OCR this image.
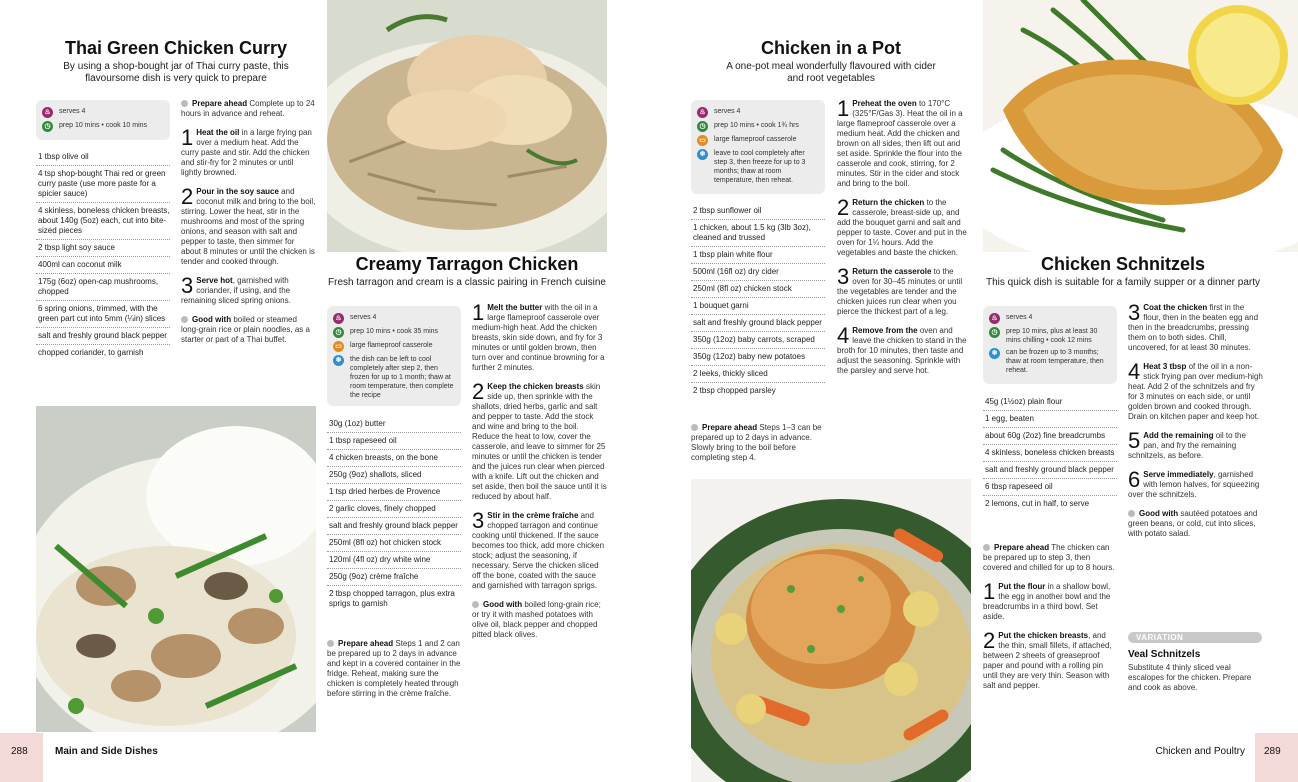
Thai Green Chicken Curry
By using a shop-bought jar of Thai curry paste, this flavoursome dish is very quick to prepare
♨	serves 4
◷	prep 10 mins • cook 10 mins
1 tbsp olive oil
4 tsp shop-bought Thai red or green curry paste (use more paste for a spicier sauce)
4 skinless, boneless chicken breasts, about 140g (5oz) each, cut into bite-sized pieces
2 tbsp light soy sauce
400ml can coconut milk
175g (6oz) open-cap mushrooms, chopped
6 spring onions, trimmed, with the green part cut into 5mm (¼in) slices
salt and freshly ground black pepper
chopped coriander, to garnish

Prepare ahead Complete up to 24 hours in advance and reheat.

1 Heat the oil in a large frying pan over a medium heat. Add the curry paste and stir. Add the chicken and stir-fry for 2 minutes or until lightly browned.

2 Pour in the soy sauce and coconut milk and bring to the boil, stirring. Lower the heat, stir in the mushrooms and most of the spring onions, and season with salt and pepper to taste, then simmer for about 8 minutes or until the chicken is tender and cooked through.

3 Serve hot, garnished with coriander, if using, and the remaining sliced spring onions.

Good with boiled or steamed long-grain rice or plain noodles, as a starter or part of a Thai buffet.

Creamy Tarragon Chicken
Fresh tarragon and cream is a classic pairing in French cuisine
♨	serves 4
◷	prep 10 mins • cook 35 mins
▭	large flameproof casserole
❄	the dish can be left to cool completely after step 2, then frozen for up to 1 month; thaw at room temperature, then complete the recipe
30g (1oz) butter
1 tbsp rapeseed oil
4 chicken breasts, on the bone
250g (9oz) shallots, sliced
1 tsp dried herbes de Provence
2 garlic cloves, finely chopped
salt and freshly ground black pepper
250ml (8fl oz) hot chicken stock
120ml (4fl oz) dry white wine
250g (9oz) crème fraîche
2 tbsp chopped tarragon, plus extra sprigs to garnish

Prepare ahead Steps 1 and 2 can be prepared up to 2 days in advance and kept in a covered container in the fridge. Reheat, making sure the chicken is completely heated through before stirring in the crème fraîche.

1 Melt the butter with the oil in a large flameproof casserole over medium-high heat. Add the chicken breasts, skin side down, and fry for 3 minutes or until golden brown, then turn over and continue browning for a further 2 minutes.

2 Keep the chicken breasts skin side up, then sprinkle with the shallots, dried herbs, garlic and salt and pepper to taste. Add the stock and wine and bring to the boil. Reduce the heat to low, cover the casserole, and leave to simmer for 25 minutes or until the chicken is tender and the juices run clear when pierced with a knife. Lift out the chicken and set aside, then boil the sauce until it is reduced by about half.

3 Stir in the crème fraîche and chopped tarragon and continue cooking until thickened. If the sauce becomes too thick, add more chicken stock; adjust the seasoning, if necessary. Serve the chicken sliced off the bone, coated with the sauce and garnished with tarragon sprigs.

Good with boiled long-grain rice; or try it with mashed potatoes with olive oil, black pepper and chopped pitted black olives.

Chicken in a Pot
A one-pot meal wonderfully flavoured with cider and root vegetables
♨	serves 4
◷	prep 10 mins • cook 1¾ hrs
▭	large flameproof casserole
❄	leave to cool completely after step 3, then freeze for up to 3 months; thaw at room temperature, then reheat.
2 tbsp sunflower oil
1 chicken, about 1.5 kg (3lb 3oz), cleaned and trussed
1 tbsp plain white flour
500ml (16fl oz) dry cider
250ml (8fl oz) chicken stock
1 bouquet garni
salt and freshly ground black pepper
350g (12oz) baby carrots, scraped
350g (12oz) baby new potatoes
2 leeks, thickly sliced
2 tbsp chopped parsley

Prepare ahead Steps 1–3 can be prepared up to 2 days in advance. Slowly bring to the boil before completing step 4.

1 Preheat the oven to 170°C (325°F/Gas 3). Heat the oil in a large flameproof casserole over a medium heat. Add the chicken and brown on all sides, then lift out and set aside. Sprinkle the flour into the casserole and cook, stirring, for 2 minutes. Stir in the cider and stock and bring to the boil.

2 Return the chicken to the casserole, breast-side up, and add the bouquet garni and salt and pepper to taste. Cover and put in the oven for 1¼ hours. Add the vegetables and baste the chicken.

3 Return the casserole to the oven for 30–45 minutes or until the vegetables are tender and the chicken juices run clear when you pierce the thickest part of a leg.

4 Remove from the oven and leave the chicken to stand in the broth for 10 minutes, then taste and adjust the seasoning. Sprinkle with the parsley and serve hot.

Chicken Schnitzels
This quick dish is suitable for a family supper or a dinner party
♨	serves 4
◷	prep 10 mins, plus at least 30 mins chilling • cook 12 mins
❄	can be frozen up to 3 months; thaw at room temperature, then reheat.
45g (1½oz) plain flour
1 egg, beaten
about 60g (2oz) fine breadcrumbs
4 skinless, boneless chicken breasts
salt and freshly ground black pepper
6 tbsp rapeseed oil
2 lemons, cut in half, to serve

Prepare ahead The chicken can be prepared up to step 3, then covered and chilled for up to 8 hours.

1 Put the flour in a shallow bowl, the egg in another bowl and the breadcrumbs in a third bowl. Set aside.

2 Put the chicken breasts, and the thin, small fillets, if attached, between 2 sheets of greaseproof paper and pound with a rolling pin until they are very thin. Season with salt and pepper.

3 Coat the chicken first in the flour, then in the beaten egg and then in the breadcrumbs, pressing them on to both sides. Chill, uncovered, for at least 30 minutes.

4 Heat 3 tbsp of the oil in a non-stick frying pan over medium-high heat. Add 2 of the schnitzels and fry for 3 minutes on each side, or until golden brown and cooked through. Drain on kitchen paper and keep hot.

5 Add the remaining oil to the pan, and fry the remaining schnitzels, as before.

6 Serve immediately, garnished with lemon halves, for squeezing over the schnitzels.

Good with sautéed potatoes and green beans, or cold, cut into slices, with potato salad.

VARIATION
Veal Schnitzels
Substitute 4 thinly sliced veal escalopes for the chicken. Prepare and cook as above.
288	Main and Side Dishes	289
Chicken and Poultry
